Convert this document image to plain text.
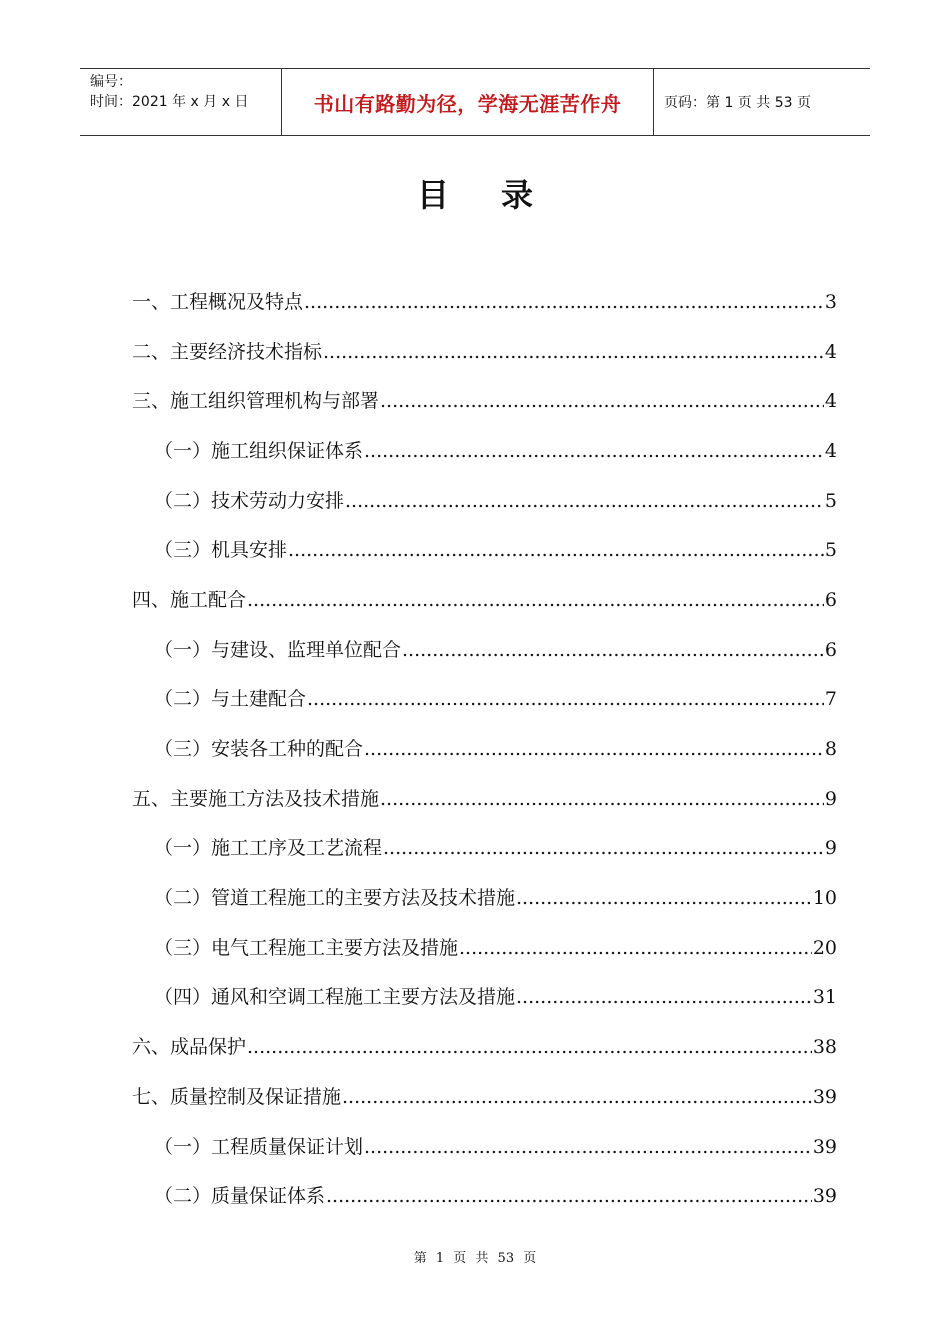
编号：
时间：2021 年 x 月 x 日	书山有路勤为径，学海无涯苦作舟	页码：第 1 页 共 53 页
目录
一、工程概况及特点 .....	3
二、主要经济技术指标 .....	4
三、施工组织管理机构与部署 .....	4
（一）施工组织保证体系 .....	4
（二）技术劳动力安排 .....	5
（三）机具安排 .....	5
四、施工配合 .....	6
（一）与建设、监理单位配合 .....	6
（二）与土建配合 .....	7
（三）安装各工种的配合 .....	8
五、主要施工方法及技术措施 .....	9
（一）施工工序及工艺流程 .....	9
（二）管道工程施工的主要方法及技术措施 .....	10
（三）电气工程施工主要方法及措施 .....	20
（四）通风和空调工程施工主要方法及措施 .....	31
六、成品保护 .....	38
七、质量控制及保证措施 .....	39
（一）工程质量保证计划 .....	39
（二）质量保证体系 .....	39
第 1 页 共 53 页
